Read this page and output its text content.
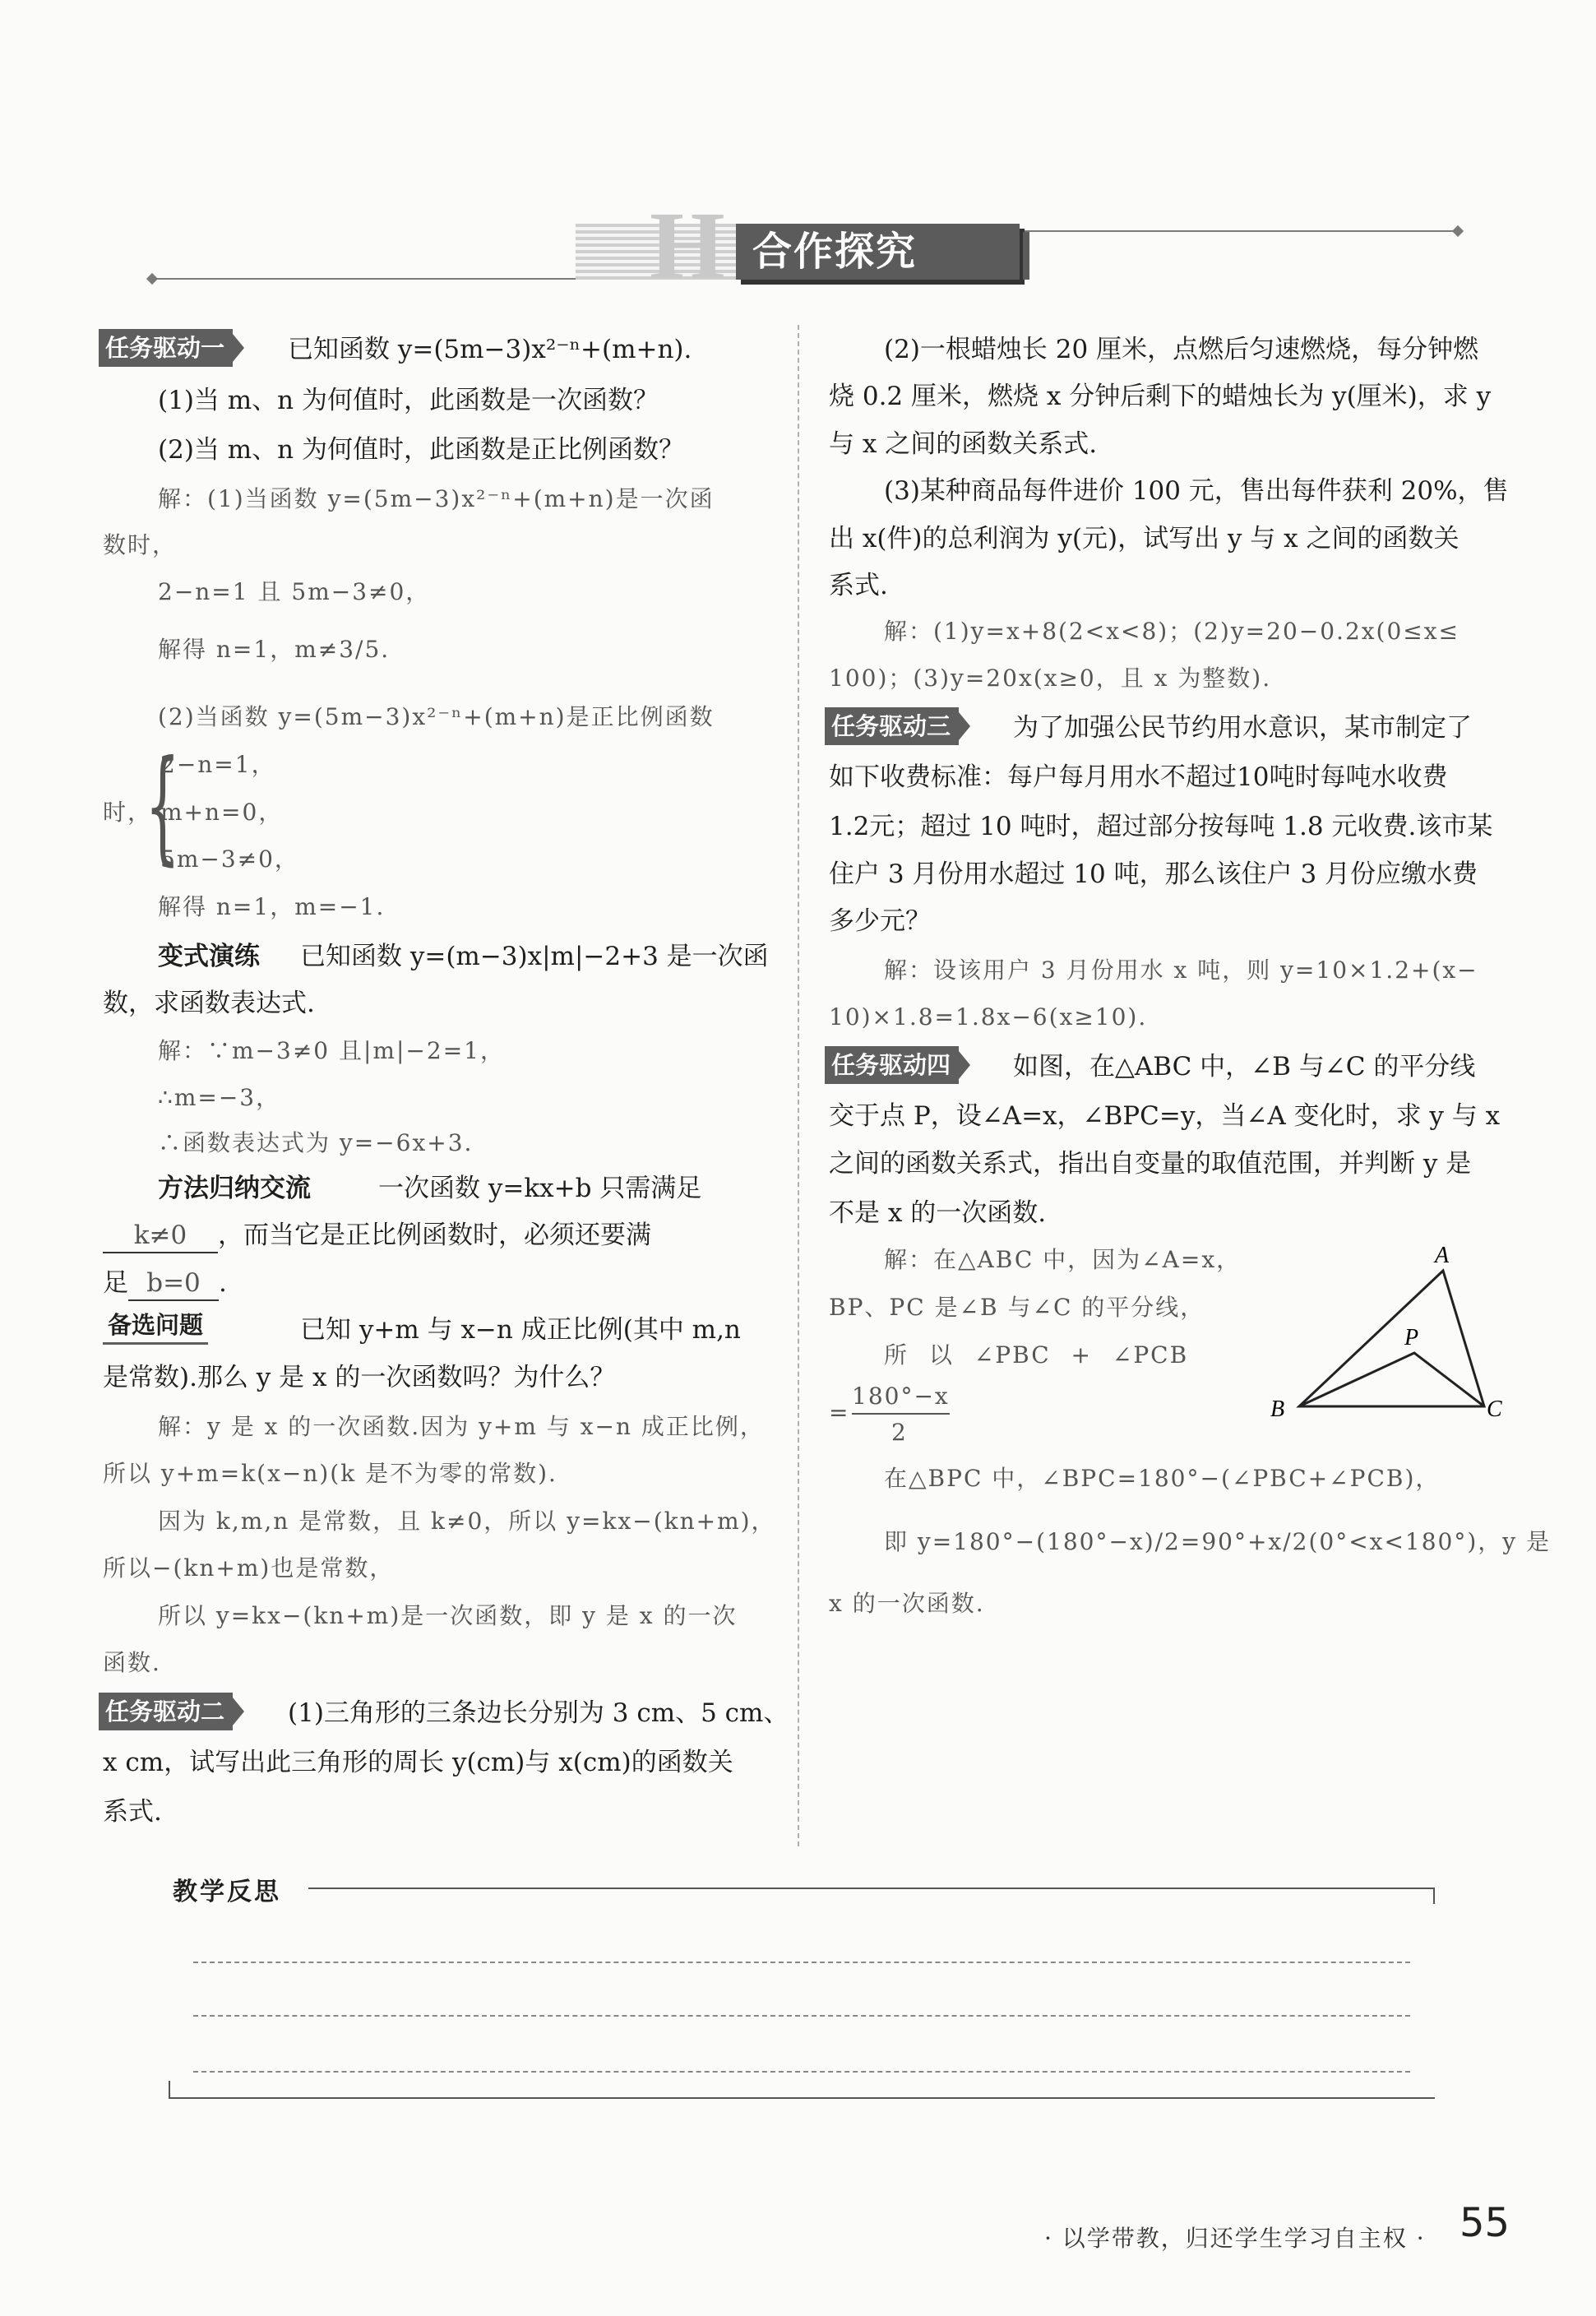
H 合作探究
任务驱动一	已知函数 y=(5m−3)x²⁻ⁿ+(m+n).
(1)当 m、n 为何值时，此函数是一次函数？
(2)当 m、n 为何值时，此函数是正比例函数？
解：(1)当函数 y=(5m−3)x²⁻ⁿ+(m+n)是一次函
数时，
2−n=1 且 5m−3≠0，
解得 n=1，m≠3/5.
(2)当函数 y=(5m−3)x²⁻ⁿ+(m+n)是正比例函数
{
时，
2−n=1，
m+n=0，
5m−3≠0，
解得 n=1，m=−1.
变式演练 已知函数 y=(m−3)x|m|−2+3 是一次函
数，求函数表达式.
解：∵m−3≠0 且|m|−2=1，
∴m=−3，
∴函数表达式为 y=−6x+3.
方法归纳交流	一次函数 y=kx+b 只需满足
k≠0 ，而当它是正比例函数时，必须还要满
足 b=0 .
备选问题	已知 y+m 与 x−n 成正比例(其中 m,n
是常数).那么 y 是 x 的一次函数吗？为什么？
解：y 是 x 的一次函数.因为 y+m 与 x−n 成正比例，
所以 y+m=k(x−n)(k 是不为零的常数).
因为 k,m,n 是常数，且 k≠0，所以 y=kx−(kn+m)，
所以−(kn+m)也是常数，
所以 y=kx−(kn+m)是一次函数，即 y 是 x 的一次
函数.
任务驱动二	(1)三角形的三条边长分别为 3 cm、5 cm、
x cm，试写出此三角形的周长 y(cm)与 x(cm)的函数关
系式.
(2)一根蜡烛长 20 厘米，点燃后匀速燃烧，每分钟燃
烧 0.2 厘米，燃烧 x 分钟后剩下的蜡烛长为 y(厘米)，求 y
与 x 之间的函数关系式.
(3)某种商品每件进价 100 元，售出每件获利 20%，售
出 x(件)的总利润为 y(元)，试写出 y 与 x 之间的函数关
系式.
解：(1)y=x+8(2<x<8)；(2)y=20−0.2x(0≤x≤
100)；(3)y=20x(x≥0，且 x 为整数).
任务驱动三	为了加强公民节约用水意识，某市制定了
如下收费标准：每户每月用水不超过10吨时每吨水收费
1.2元；超过 10 吨时，超过部分按每吨 1.8 元收费.该市某
住户 3 月份用水超过 10 吨，那么该住户 3 月份应缴水费
多少元？
解：设该用户 3 月份用水 x 吨，则 y=10×1.2+(x−
10)×1.8=1.8x−6(x≥10).
任务驱动四	如图，在△ABC 中，∠B 与∠C 的平分线
交于点 P，设∠A=x，∠BPC=y，当∠A 变化时，求 y 与 x
之间的函数关系式，指出自变量的取值范围，并判断 y 是
不是 x 的一次函数.
解：在△ABC 中，因为∠A=x，
BP、PC 是∠B 与∠C 的平分线，
所 以 ∠PBC + ∠PCB
=
180°−x
2
在△BPC 中，∠BPC=180°−(∠PBC+∠PCB)，
即 y=180°−(180°−x)/2=90°+x/2(0°<x<180°)，y 是
x 的一次函数.
A
B	C
P
教学反思
· 以学带教，归还学生学习自主权 · 55
